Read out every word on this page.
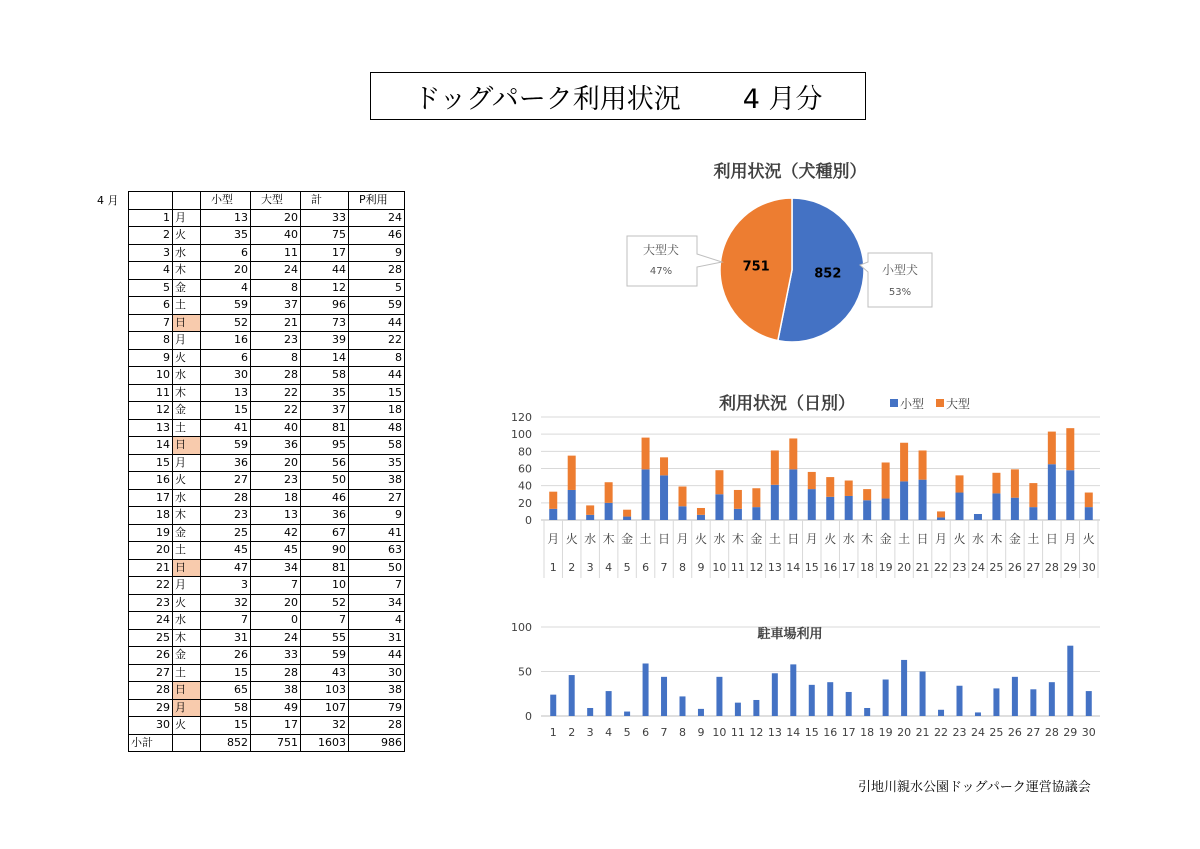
ドッグパーク利用状況 4 月分
4 月
			小型	大型	計	P利用
1	月	13	20	33	24
2	火	35	40	75	46
3	水	6	11	17	9
4	木	20	24	44	28
5	金	4	8	12	5
6	土	59	37	96	59
7	日	52	21	73	44
8	月	16	23	39	22
9	火	6	8	14	8
10	水	30	28	58	44
11	木	13	22	35	15
12	金	15	22	37	18
13	土	41	40	81	48
14	日	59	36	95	58
15	月	36	20	56	35
16	火	27	23	50	38
17	水	28	18	46	27
18	木	23	13	36	9
19	金	25	42	67	41
20	土	45	45	90	63
21	日	47	34	81	50
22	月	3	7	10	7
23	火	32	20	52	34
24	水	7	0	7	4
25	木	31	24	55	31
26	金	26	33	59	44
27	土	15	28	43	30
28	日	65	38	103	38
29	月	58	49	107	79
30	火	15	17	32	28
小計		852	751	1603	986
利用状況（犬種別）
852
751	小型犬
53%
大型犬
47%
利用状況（日別）	小型 大型
0
20
40
60
80
100
120
月
1
火
2
水
3
木
4
金
5
土
6
日
7
月
8
火
9
水
10
木
11
金
12
土
13
日
14
月
15
火
16
水
17
木
18
金
19
土
20
日
21
月
22
火
23
水
24
木
25
金
26
土
27
日
28
月
29
火
30
0
50
100	駐車場利用
1 2 3 4 5 6 7 8 9 10 11 12 13 14 15 16 17 18 19 20 21 22 23 24 25 26 27 28 29 30
引地川親水公園ドッグパーク運営協議会
